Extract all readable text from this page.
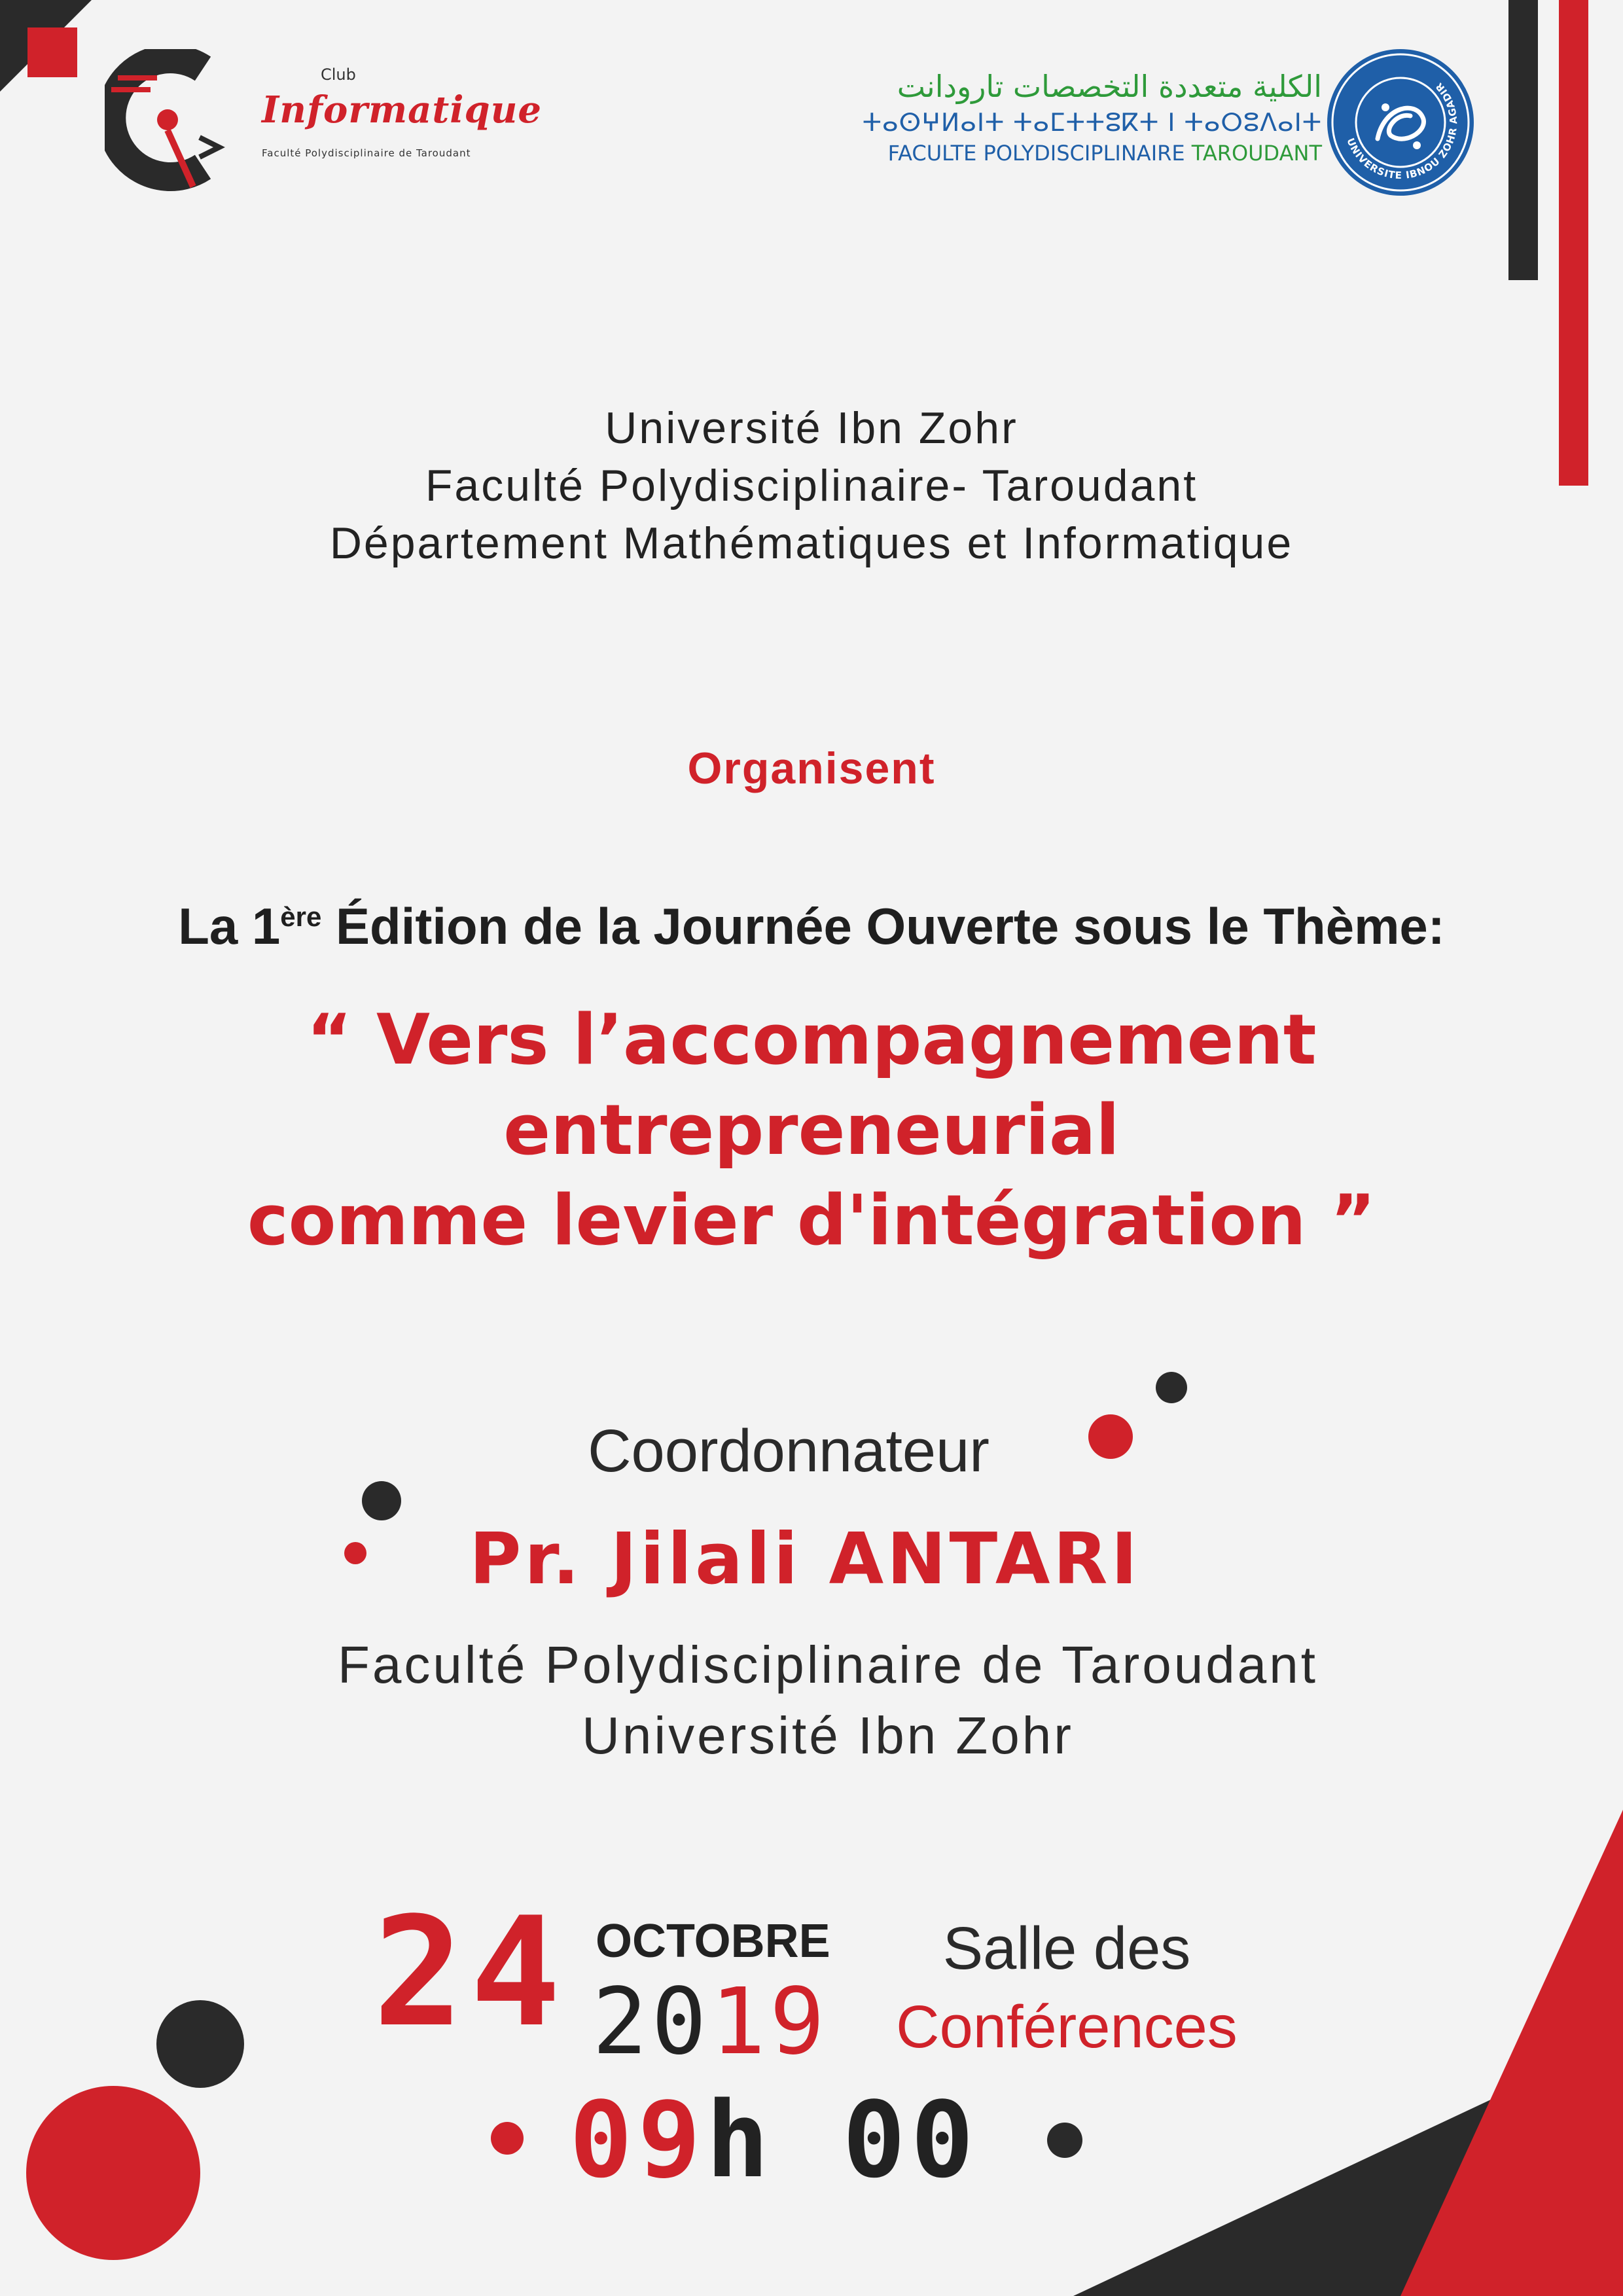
Club
Informatique
Faculté Polydisciplinaire de Taroudant
الكلية متعددة التخصصات تارودانت
ⵜⴰⵙⵖⵍⴰⵏⵜ ⵜⴰⵎⵜⵜⵓⴽⵜ ⵏ ⵜⴰⵔⵓⴷⴰⵏⵜ
FACULTE POLYDISCIPLINAIRE TAROUDANT UNIVERSITE IBNOU ZOHR AGADIR
Université Ibn Zohr
Faculté Polydisciplinaire- Taroudant
Département Mathématiques et Informatique
Organisent
La 1ère Édition de la Journée Ouverte sous le Thème:
“ Vers l’accompagnement entrepreneurial
comme levier d'intégration ”
Coordonnateur
Pr. Jilali ANTARI
Faculté Polydisciplinaire de Taroudant
Université Ibn Zohr
24 OCTOBRE
2019
Salle des
Conférences
09h 00
